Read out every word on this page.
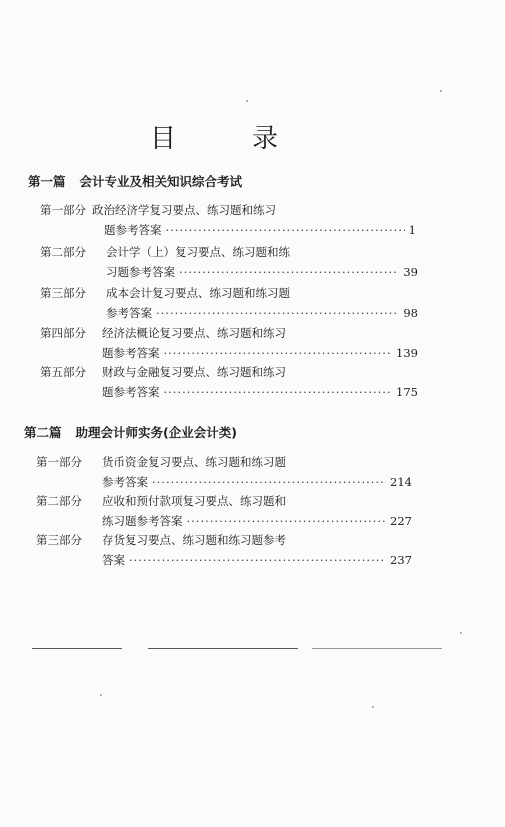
目	录
第一篇 会计专业及相关知识综合考试
第一部分 政治经济学复习要点、练习题和练习
题参考答案 ·····	1
第二部分 会计学（上）复习要点、练习题和练
习题参考答案 ·····	39
第三部分 成本会计复习要点、练习题和练习题
参考答案 ·····	98
第四部分 经济法概论复习要点、练习题和练习
题参考答案 ·····	139
第五部分 财政与金融复习要点、练习题和练习
题参考答案 ·····	175
第二篇 助理会计师实务(企业会计类)
第一部分 货币资金复习要点、练习题和练习题
参考答案 ·····	214
第二部分 应收和预付款项复习要点、练习题和
练习题参考答案 ·····	227
第三部分 存货复习要点、练习题和练习题参考
答案 ·····	237
